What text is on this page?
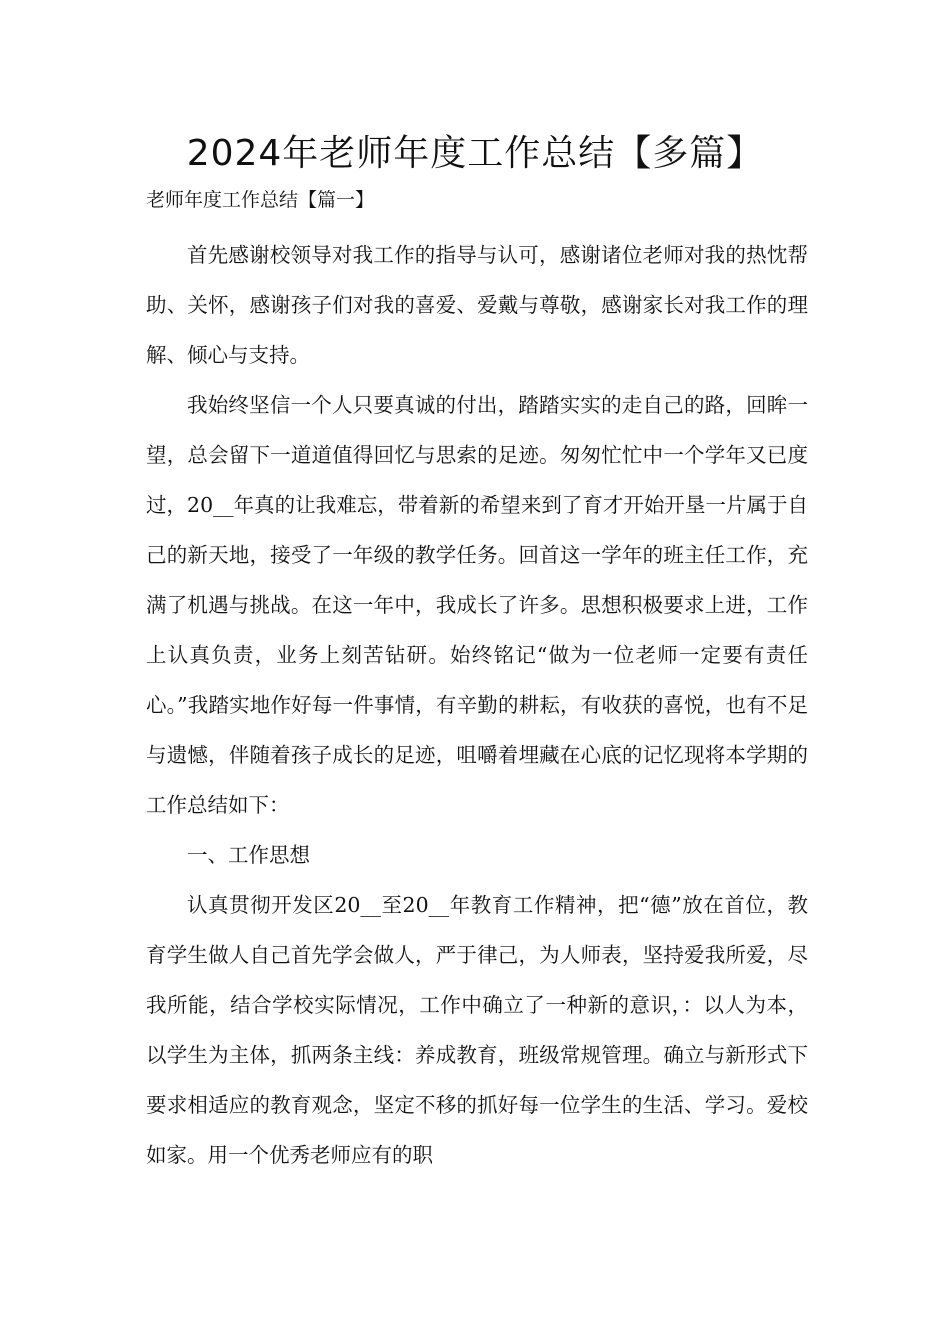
2024年老师年度工作总结【多篇】
老师年度工作总结【篇一】

首先感谢校领导对我工作的指导与认可，感谢诸位老师对我的热忱帮助、关怀，感谢孩子们对我的喜爱、爱戴与尊敬，感谢家长对我工作的理解、倾心与支持。

我始终坚信一个人只要真诚的付出，踏踏实实的走自己的路，回眸一望，总会留下一道道值得回忆与思索的足迹。匆匆忙忙中一个学年又已度过，20__年真的让我难忘，带着新的希望来到了育才开始开垦一片属于自己的新天地，接受了一年级的教学任务。回首这一学年的班主任工作，充满了机遇与挑战。在这一年中，我成长了许多。思想积极要求上进，工作上认真负责，业务上刻苦钻研。始终铭记“做为一位老师一定要有责任心。”我踏实地作好每一件事情，有辛勤的耕耘，有收获的喜悦，也有不足与遗憾，伴随着孩子成长的足迹，咀嚼着埋藏在心底的记忆现将本学期的工作总结如下：

一、工作思想

认真贯彻开发区20__至20__年教育工作精神，把“德”放在首位，教育学生做人自己首先学会做人，严于律己，为人师表，坚持爱我所爱，尽我所能，结合学校实际情况，工作中确立了一种新的意识，：以人为本，以学生为主体，抓两条主线：养成教育，班级常规管理。确立与新形式下要求相适应的教育观念，坚定不移的抓好每一位学生的生活、学习。爱校如家。用一个优秀老师应有的职
